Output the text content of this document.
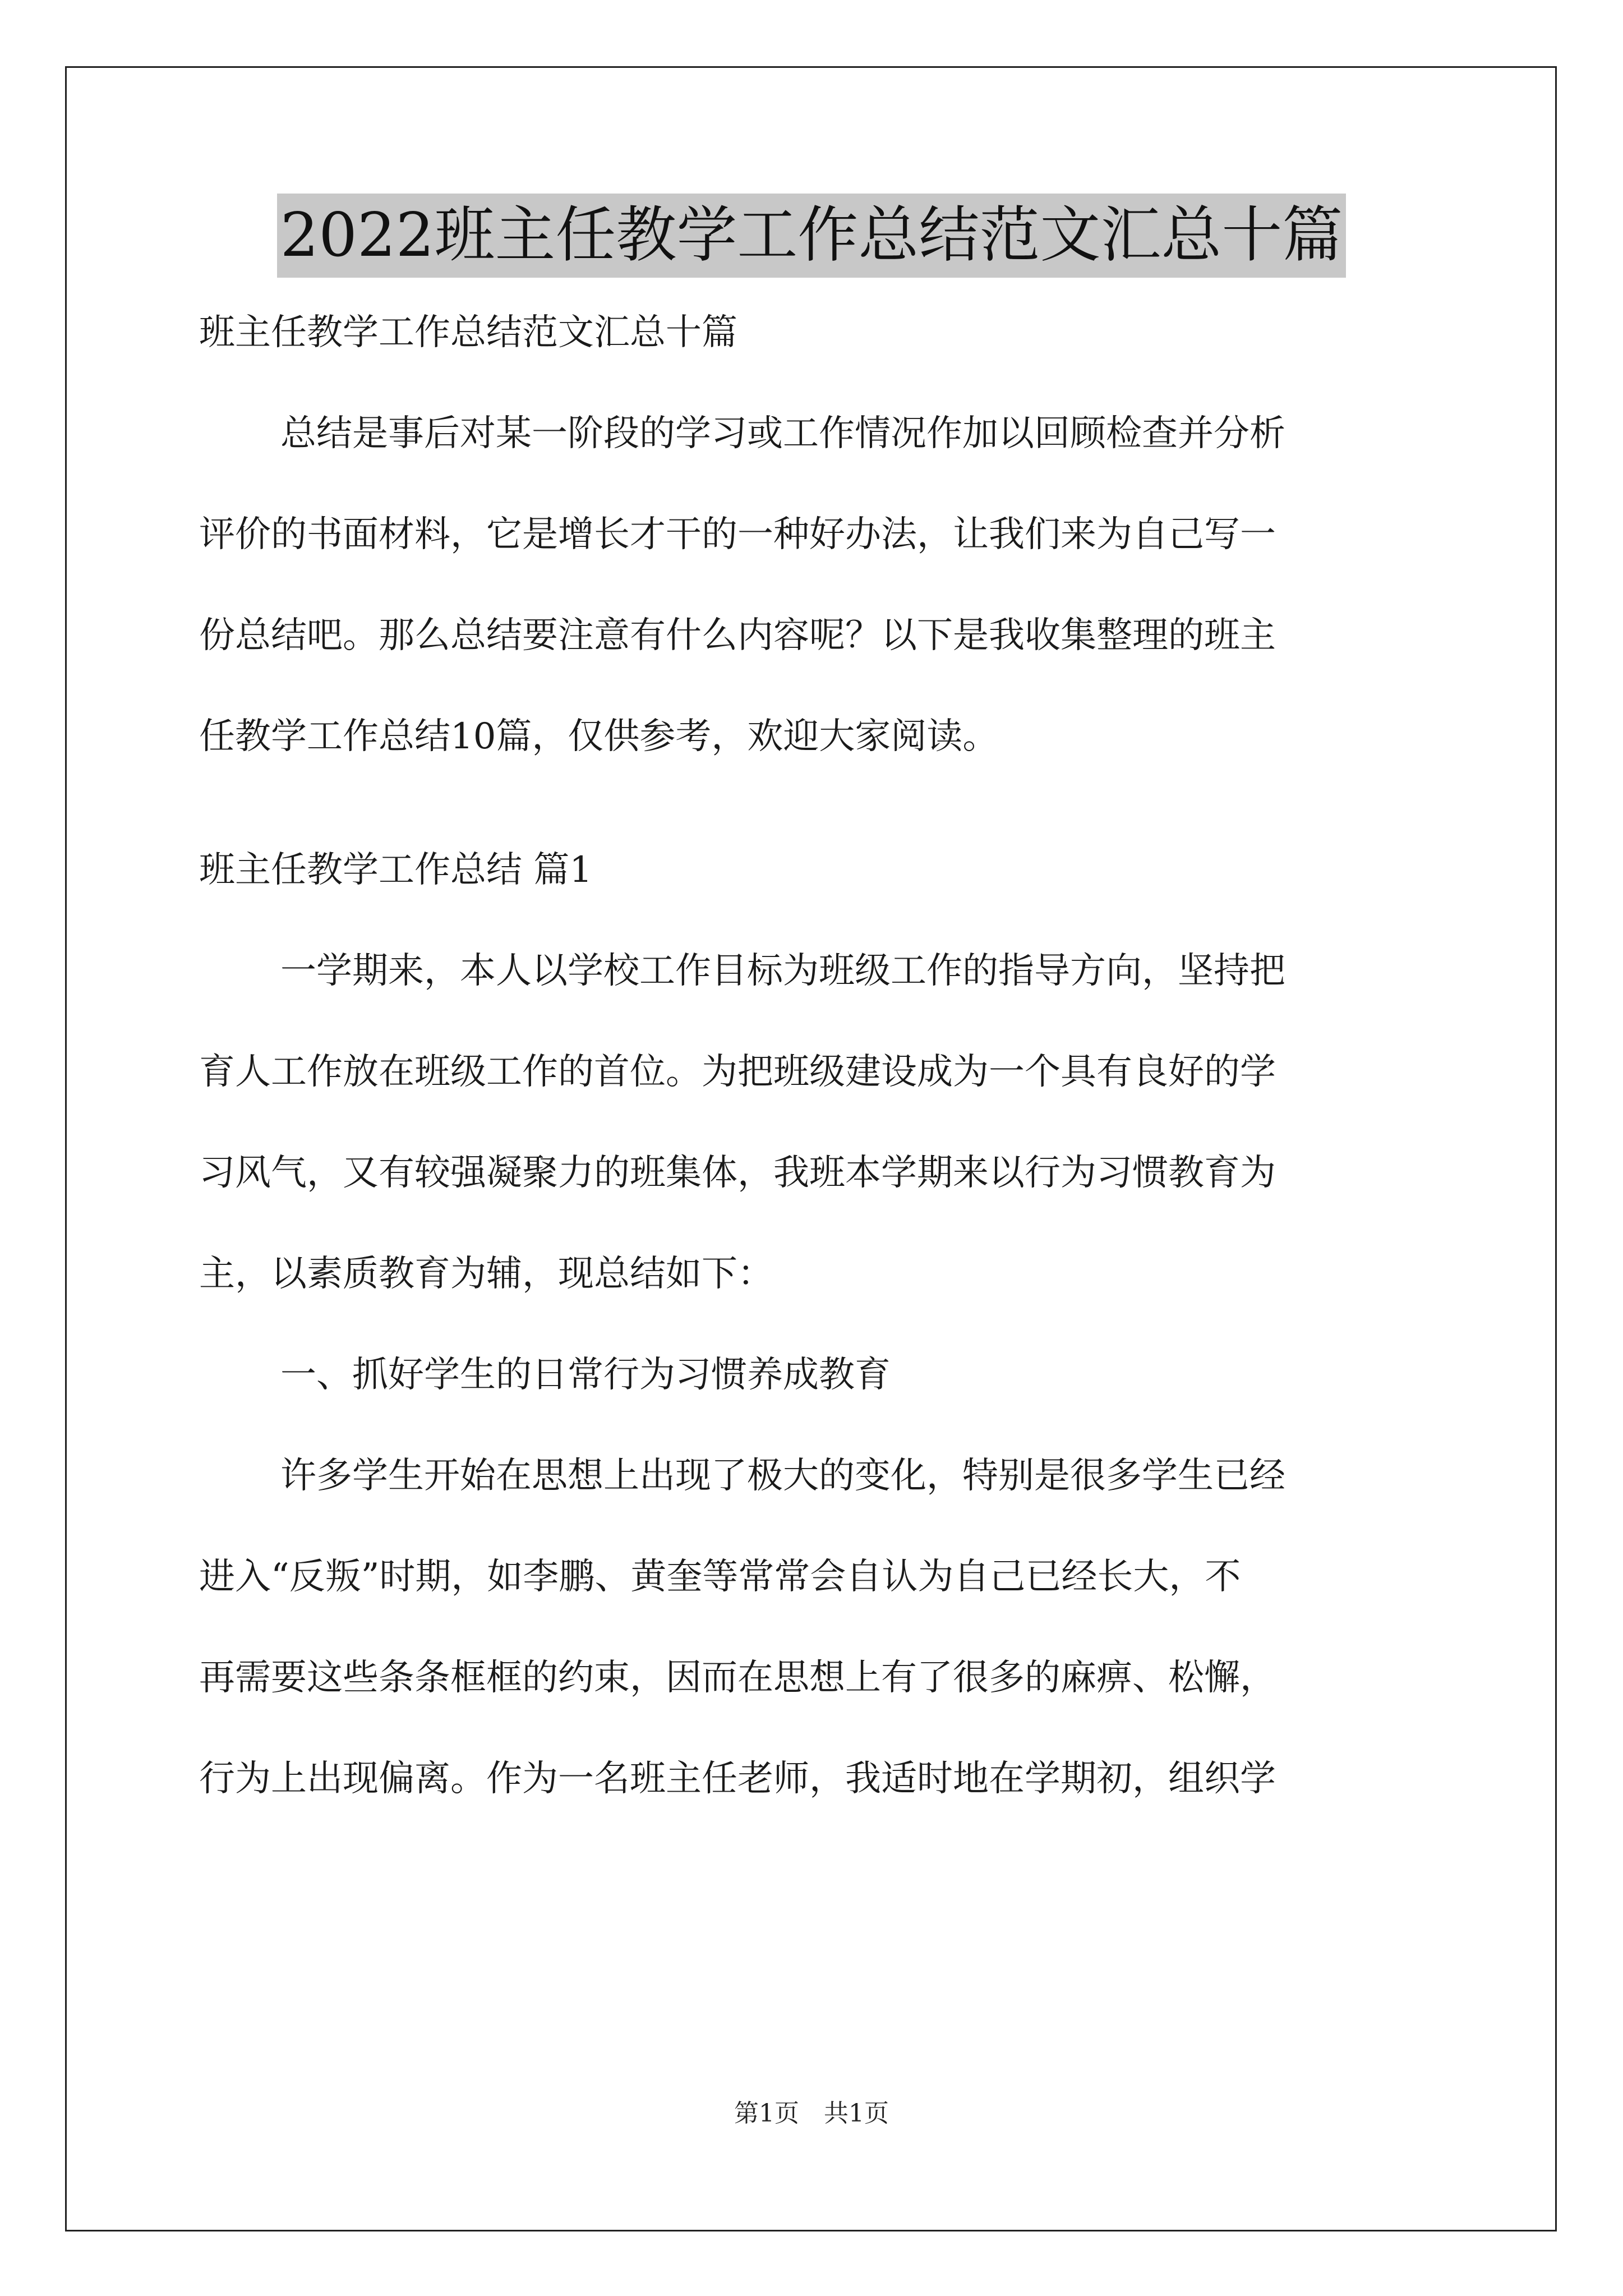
2022班主任教学工作总结范文汇总十篇
班主任教学工作总结范文汇总十篇
总结是事后对某一阶段的学习或工作情况作加以回顾检查并分析
评价的书面材料，它是增长才干的一种好办法，让我们来为自己写一
份总结吧。那么总结要注意有什么内容呢？以下是我收集整理的班主
任教学工作总结10篇，仅供参考，欢迎大家阅读。
班主任教学工作总结 篇1
一学期来，本人以学校工作目标为班级工作的指导方向，坚持把
育人工作放在班级工作的首位。为把班级建设成为一个具有良好的学
习风气，又有较强凝聚力的班集体，我班本学期来以行为习惯教育为
主，以素质教育为辅，现总结如下：
一、抓好学生的日常行为习惯养成教育
许多学生开始在思想上出现了极大的变化，特别是很多学生已经
进入“反叛”时期，如李鹏、黄奎等常常会自认为自己已经长大，不
再需要这些条条框框的约束，因而在思想上有了很多的麻痹、松懈，
行为上出现偏离。作为一名班主任老师，我适时地在学期初，组织学
第1页　共1页
